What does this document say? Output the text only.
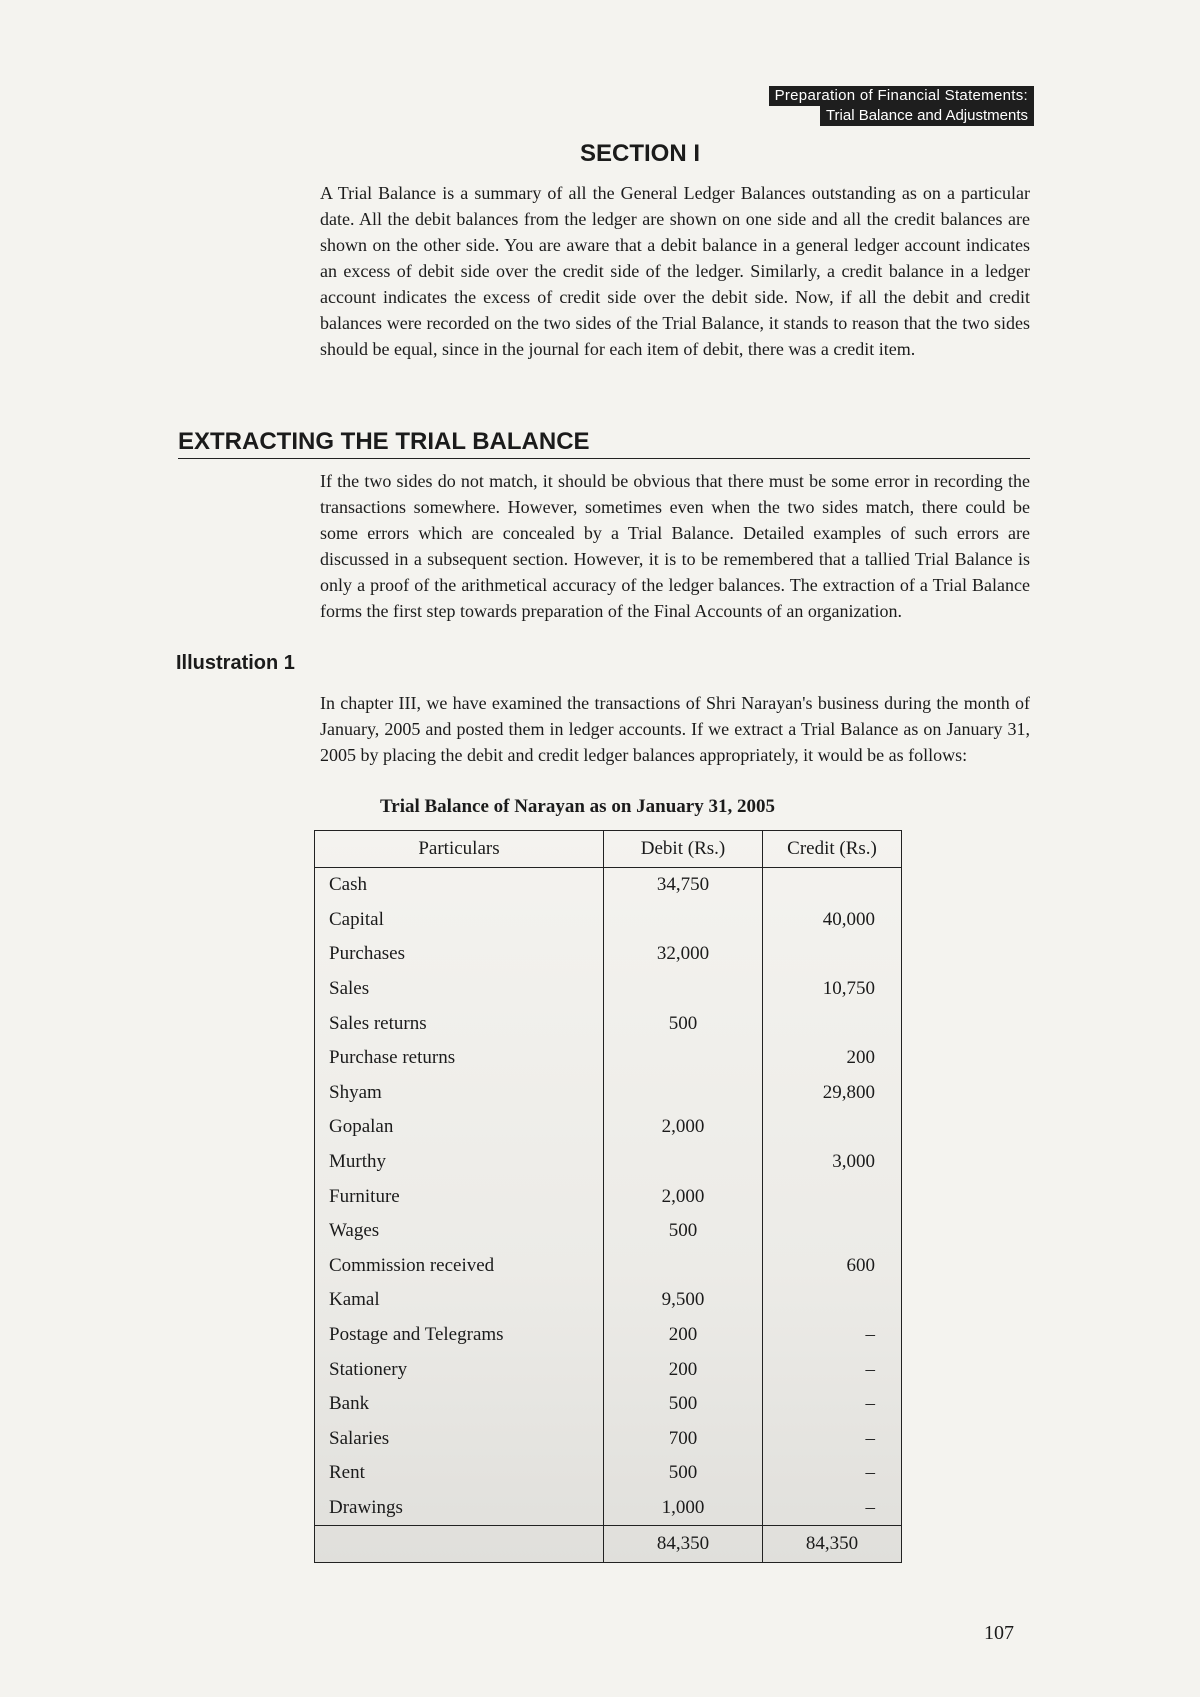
Preparation of Financial Statements:
Trial Balance and Adjustments
SECTION I
A Trial Balance is a summary of all the General Ledger Balances outstanding as on a particular date. All the debit balances from the ledger are shown on one side and all the credit balances are shown on the other side. You are aware that a debit balance in a general ledger account indicates an excess of debit side over the credit side of the ledger. Similarly, a credit balance in a ledger account indicates the excess of credit side over the debit side. Now, if all the debit and credit balances were recorded on the two sides of the Trial Balance, it stands to reason that the two sides should be equal, since in the journal for each item of debit, there was a credit item.
EXTRACTING THE TRIAL BALANCE
If the two sides do not match, it should be obvious that there must be some error in recording the transactions somewhere. However, sometimes even when the two sides match, there could be some errors which are concealed by a Trial Balance. Detailed examples of such errors are discussed in a subsequent section. However, it is to be remembered that a tallied Trial Balance is only a proof of the arithmetical accuracy of the ledger balances. The extraction of a Trial Balance forms the first step towards preparation of the Final Accounts of an organization.
Illustration 1
In chapter III, we have examined the transactions of Shri Narayan's business during the month of January, 2005 and posted them in ledger accounts. If we extract a Trial Balance as on January 31, 2005 by placing the debit and credit ledger balances appropriately, it would be as follows:
Trial Balance of Narayan as on January 31, 2005
Particulars	Debit (Rs.)	Credit (Rs.)
Cash	34,750	
Capital		40,000
Purchases	32,000	
Sales		10,750
Sales returns	500	
Purchase returns		200
Shyam		29,800
Gopalan	2,000	
Murthy		3,000
Furniture	2,000	
Wages	500	
Commission received		600
Kamal	9,500	
Postage and Telegrams	200	–
Stationery	200	–
Bank	500	–
Salaries	700	–
Rent	500	–
Drawings	1,000	–
	84,350	84,350
107
